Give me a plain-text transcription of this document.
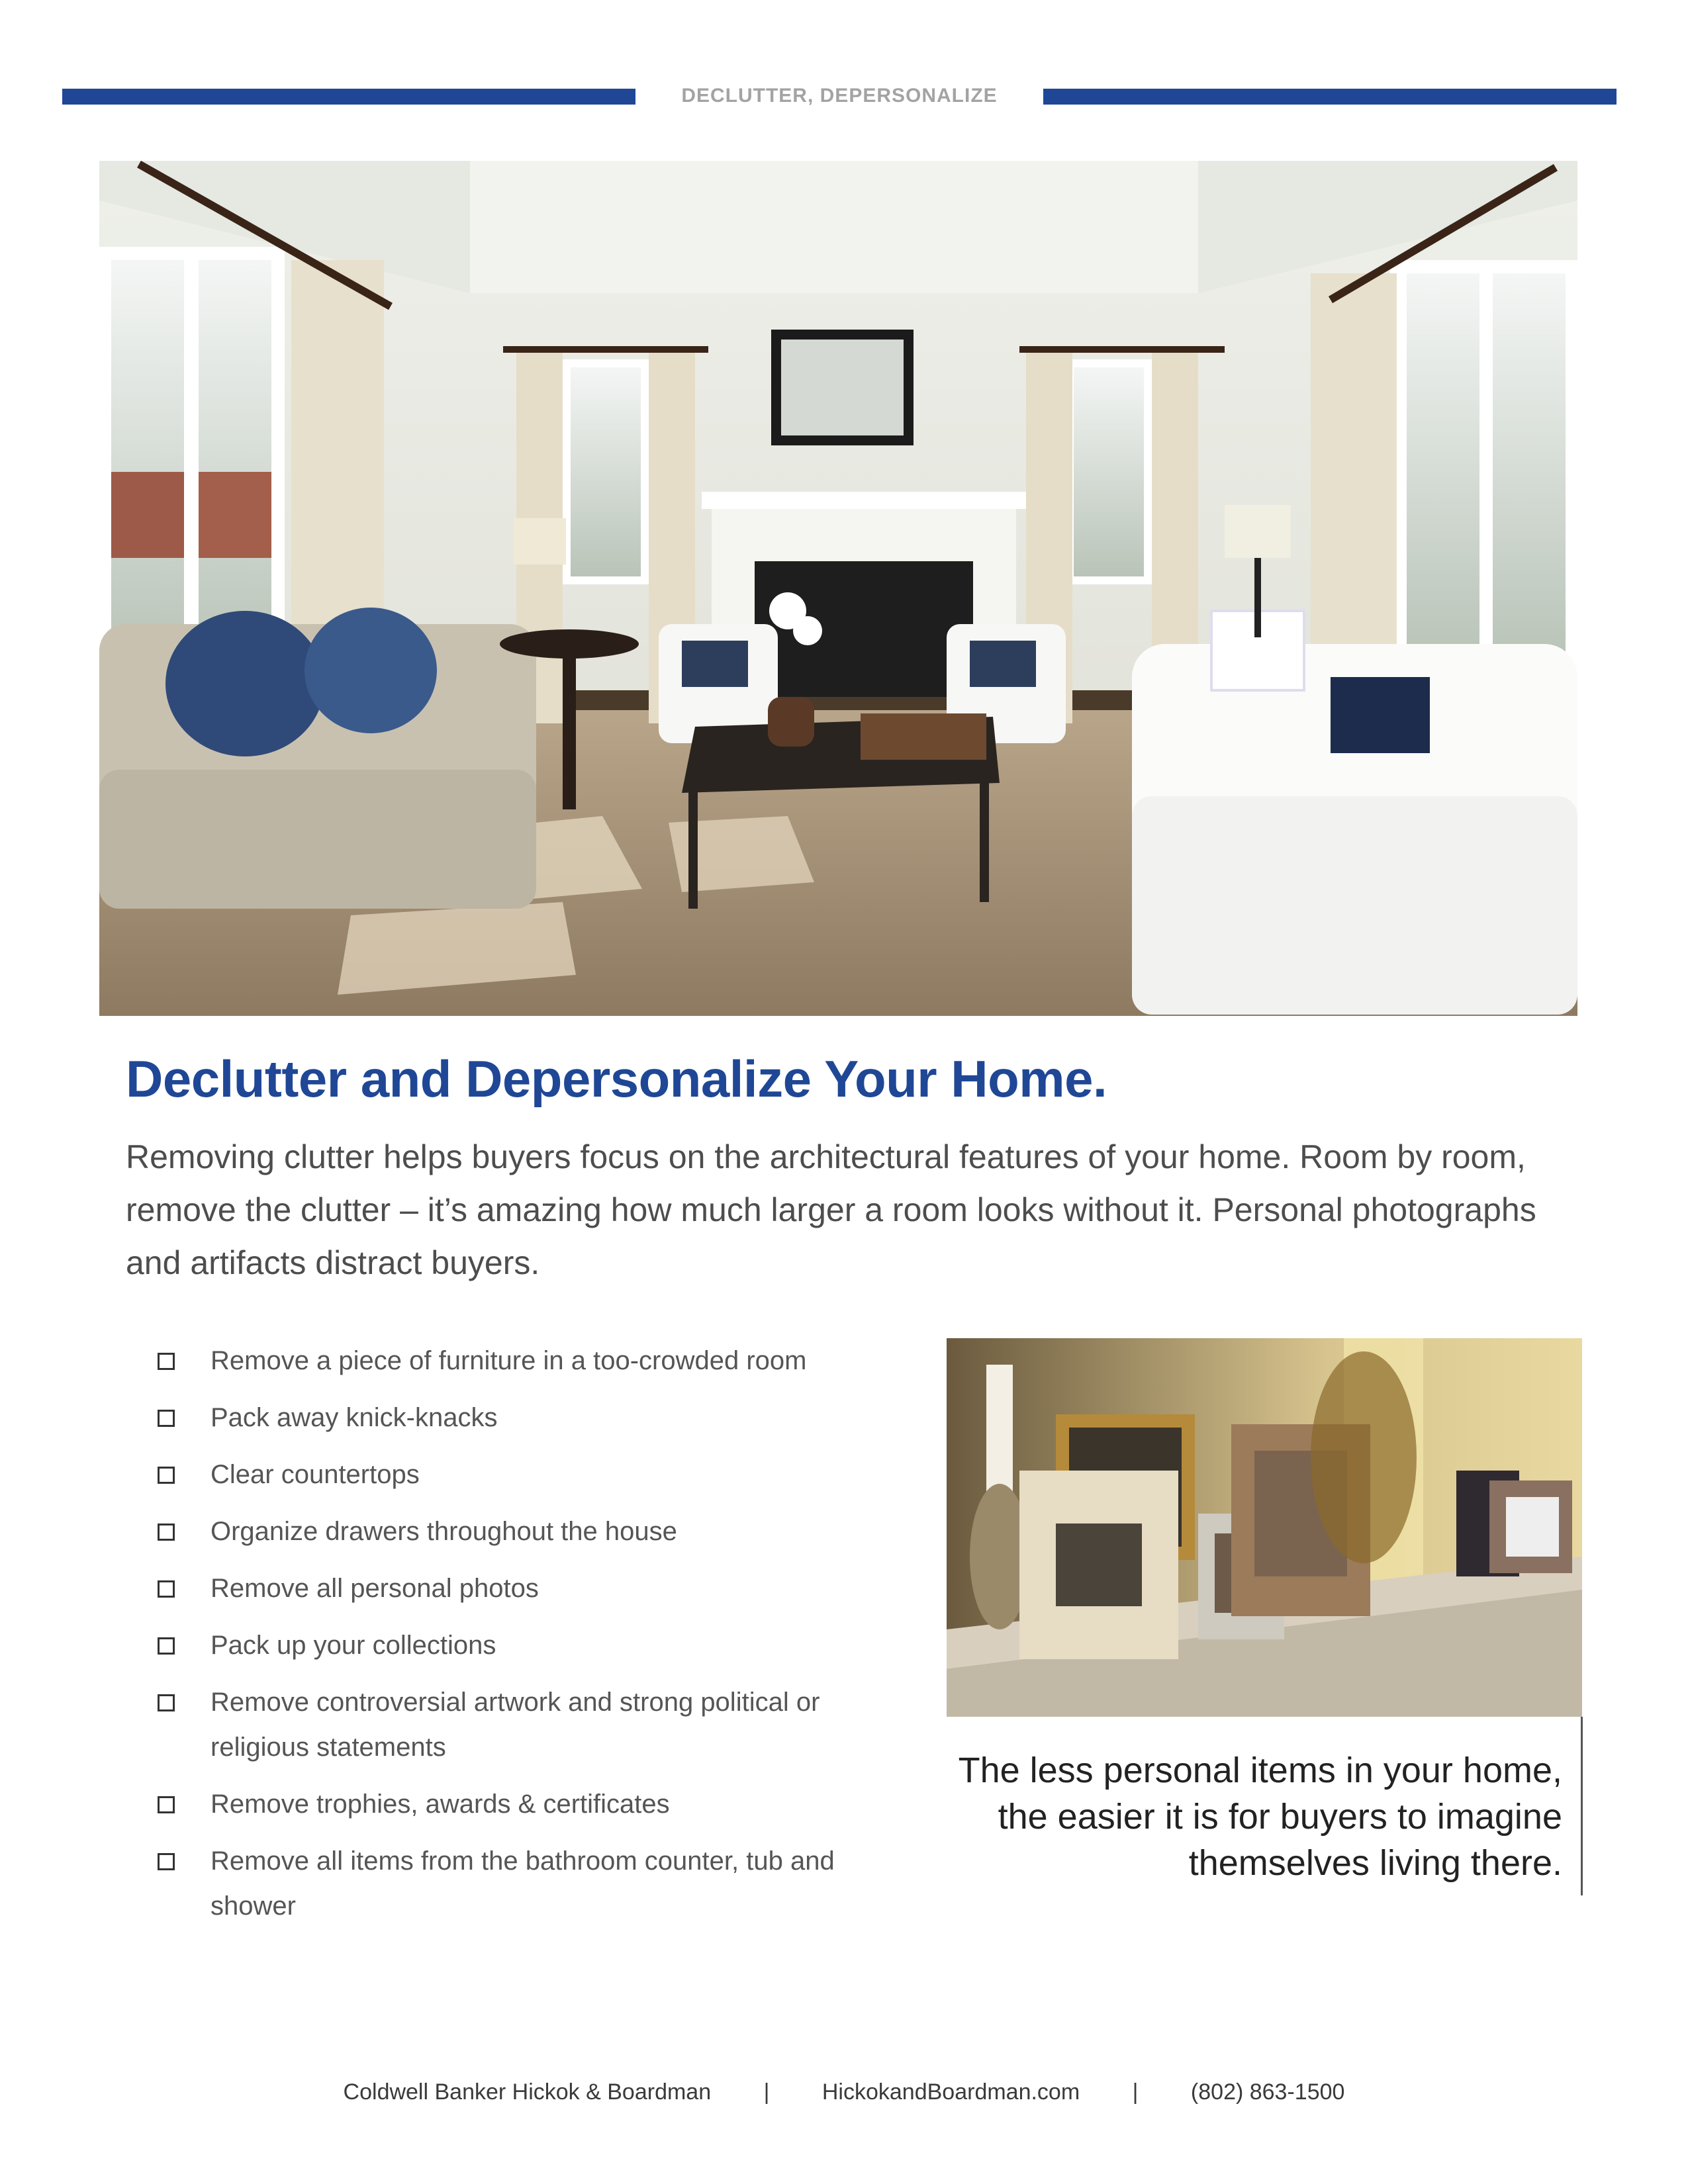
DECLUTTER, DEPERSONALIZE
Declutter and Depersonalize Your Home.

Removing clutter helps buyers focus on the architectural features of your home. Room by room, remove the clutter – it’s amazing how much larger a room looks without it. Personal photographs and artifacts distract buyers.

Remove a piece of furniture in a too-crowded room
Pack away knick-knacks
Clear countertops
Organize drawers throughout the house
Remove all personal photos
Pack up your collections
Remove controversial artwork and strong political or religious statements
Remove trophies, awards & certificates
Remove all items from the bathroom counter, tub and shower

The less personal items in your home, the easier it is for buyers to imagine themselves living there.

Coldwell Banker Hickok & Boardman | HickokandBoardman.com | (802) 863-1500
